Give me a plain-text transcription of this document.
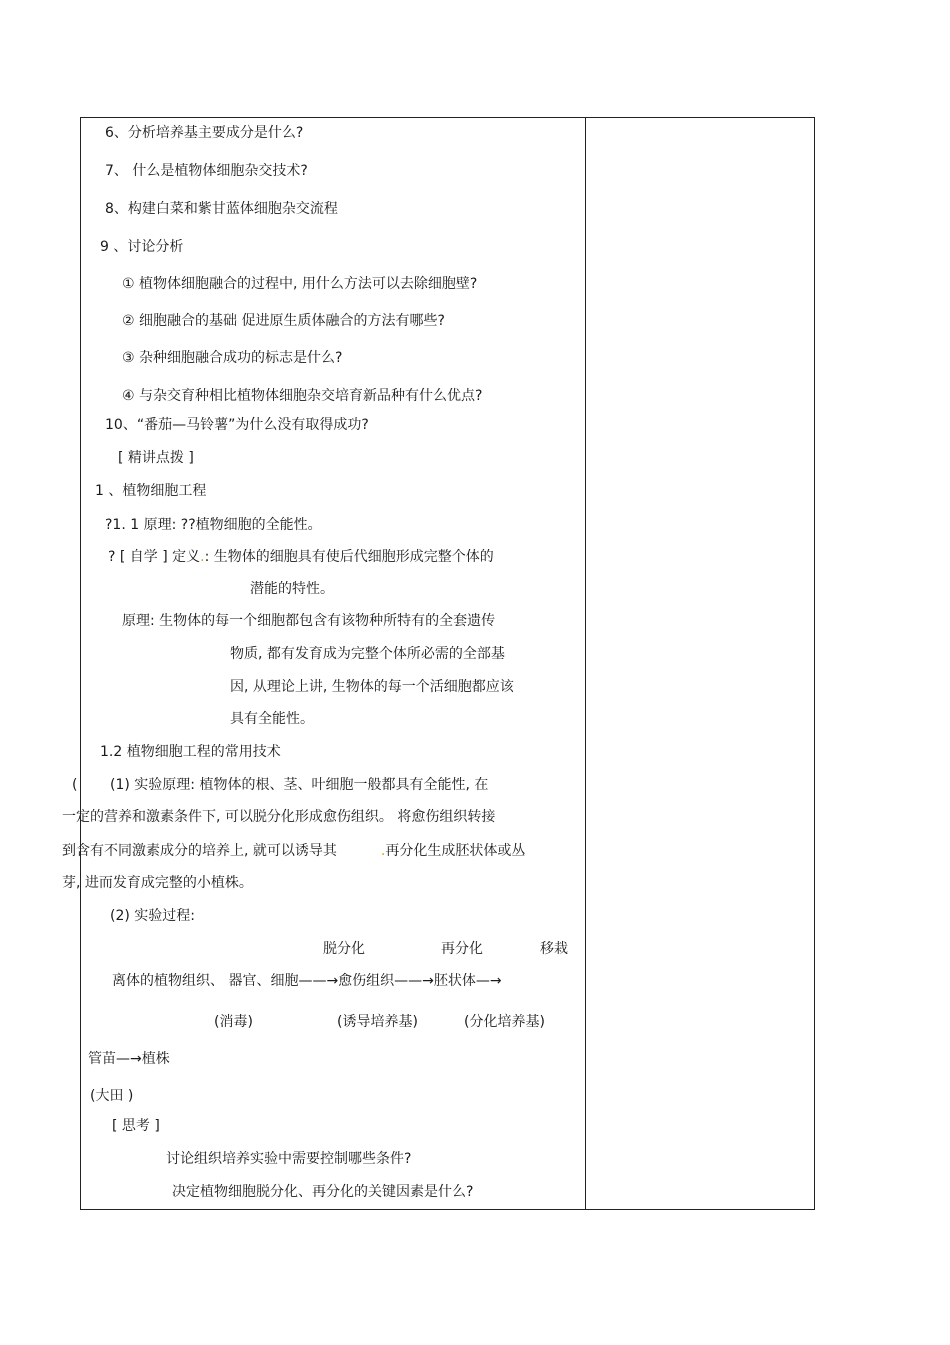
6、分析培养基主要成分是什么?
7、 什么是植物体细胞杂交技术?
8、构建白菜和紫甘蓝体细胞杂交流程
9 、讨论分析
① 植物体细胞融合的过程中, 用什么方法可以去除细胞壁?
② 细胞融合的基础 促进原生质体融合的方法有哪些?
③ 杂种细胞融合成功的标志是什么?
④ 与杂交育种相比植物体细胞杂交培育新品种有什么优点?
10、“番茄—马铃薯”为什么没有取得成功?
[ 精讲点拨 ]
1 、植物细胞工程
?1. 1 原理: ??植物细胞的全能性。
? [ 自学 ] 定义.: 生物体的细胞具有使后代细胞形成完整个体的
潜能的特性。
原理: 生物体的每一个细胞都包含有该物种所特有的全套遗传
物质, 都有发育成为完整个体所必需的全部基
因, 从理论上讲, 生物体的每一个活细胞都应该
具有全能性。
1.2 植物细胞工程的常用技术
( (1) 实验原理: 植物体的根、茎、叶细胞一般都具有全能性, 在
一定的营养和激素条件下, 可以脱分化形成愈伤组织。 将愈伤组织转接
到含有不同激素成分的培养上, 就可以诱导其	.再分化生成胚状体或丛
芽, 进而发育成完整的小植株。
(2) 实验过程:
脱分化	再分化	移栽
离体的植物组织、 器官、细胞——→愈伤组织——→胚状体—→
(消毒)	(诱导培养基)	(分化培养基)
管苗—→植株
(大田 )
[ 思考 ]
讨论组织培养实验中需要控制哪些条件?
决定植物细胞脱分化、再分化的关键因素是什么?
